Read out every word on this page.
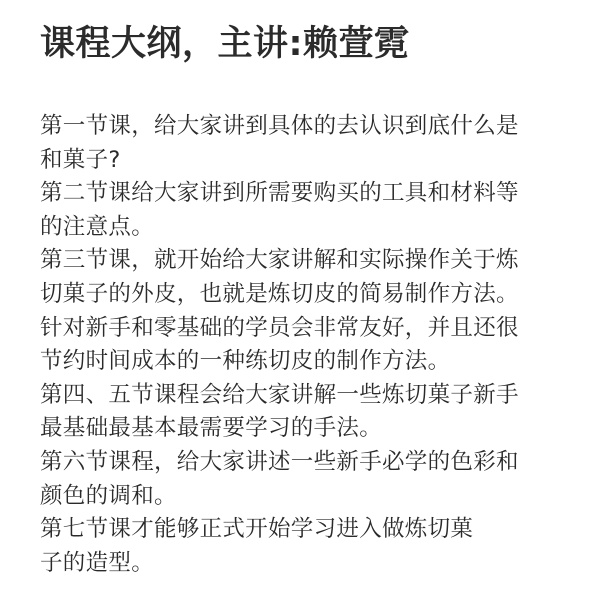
课程大纲，主讲:赖萱霓
第一节课，给大家讲到具体的去认识到底什么是
和菓子?
第二节课给大家讲到所需要购买的工具和材料等
的注意点。
第三节课，就开始给大家讲解和实际操作关于炼
切菓子的外皮，也就是炼切皮的简易制作方法。
针对新手和零基础的学员会非常友好，并且还很
节约时间成本的一种练切皮的制作方法。
第四、五节课程会给大家讲解一些炼切菓子新手
最基础最基本最需要学习的手法。
第六节课程，给大家讲述一些新手必学的色彩和
颜色的调和。
第七节课才能够正式开始学习进入做炼切菓
子的造型。
